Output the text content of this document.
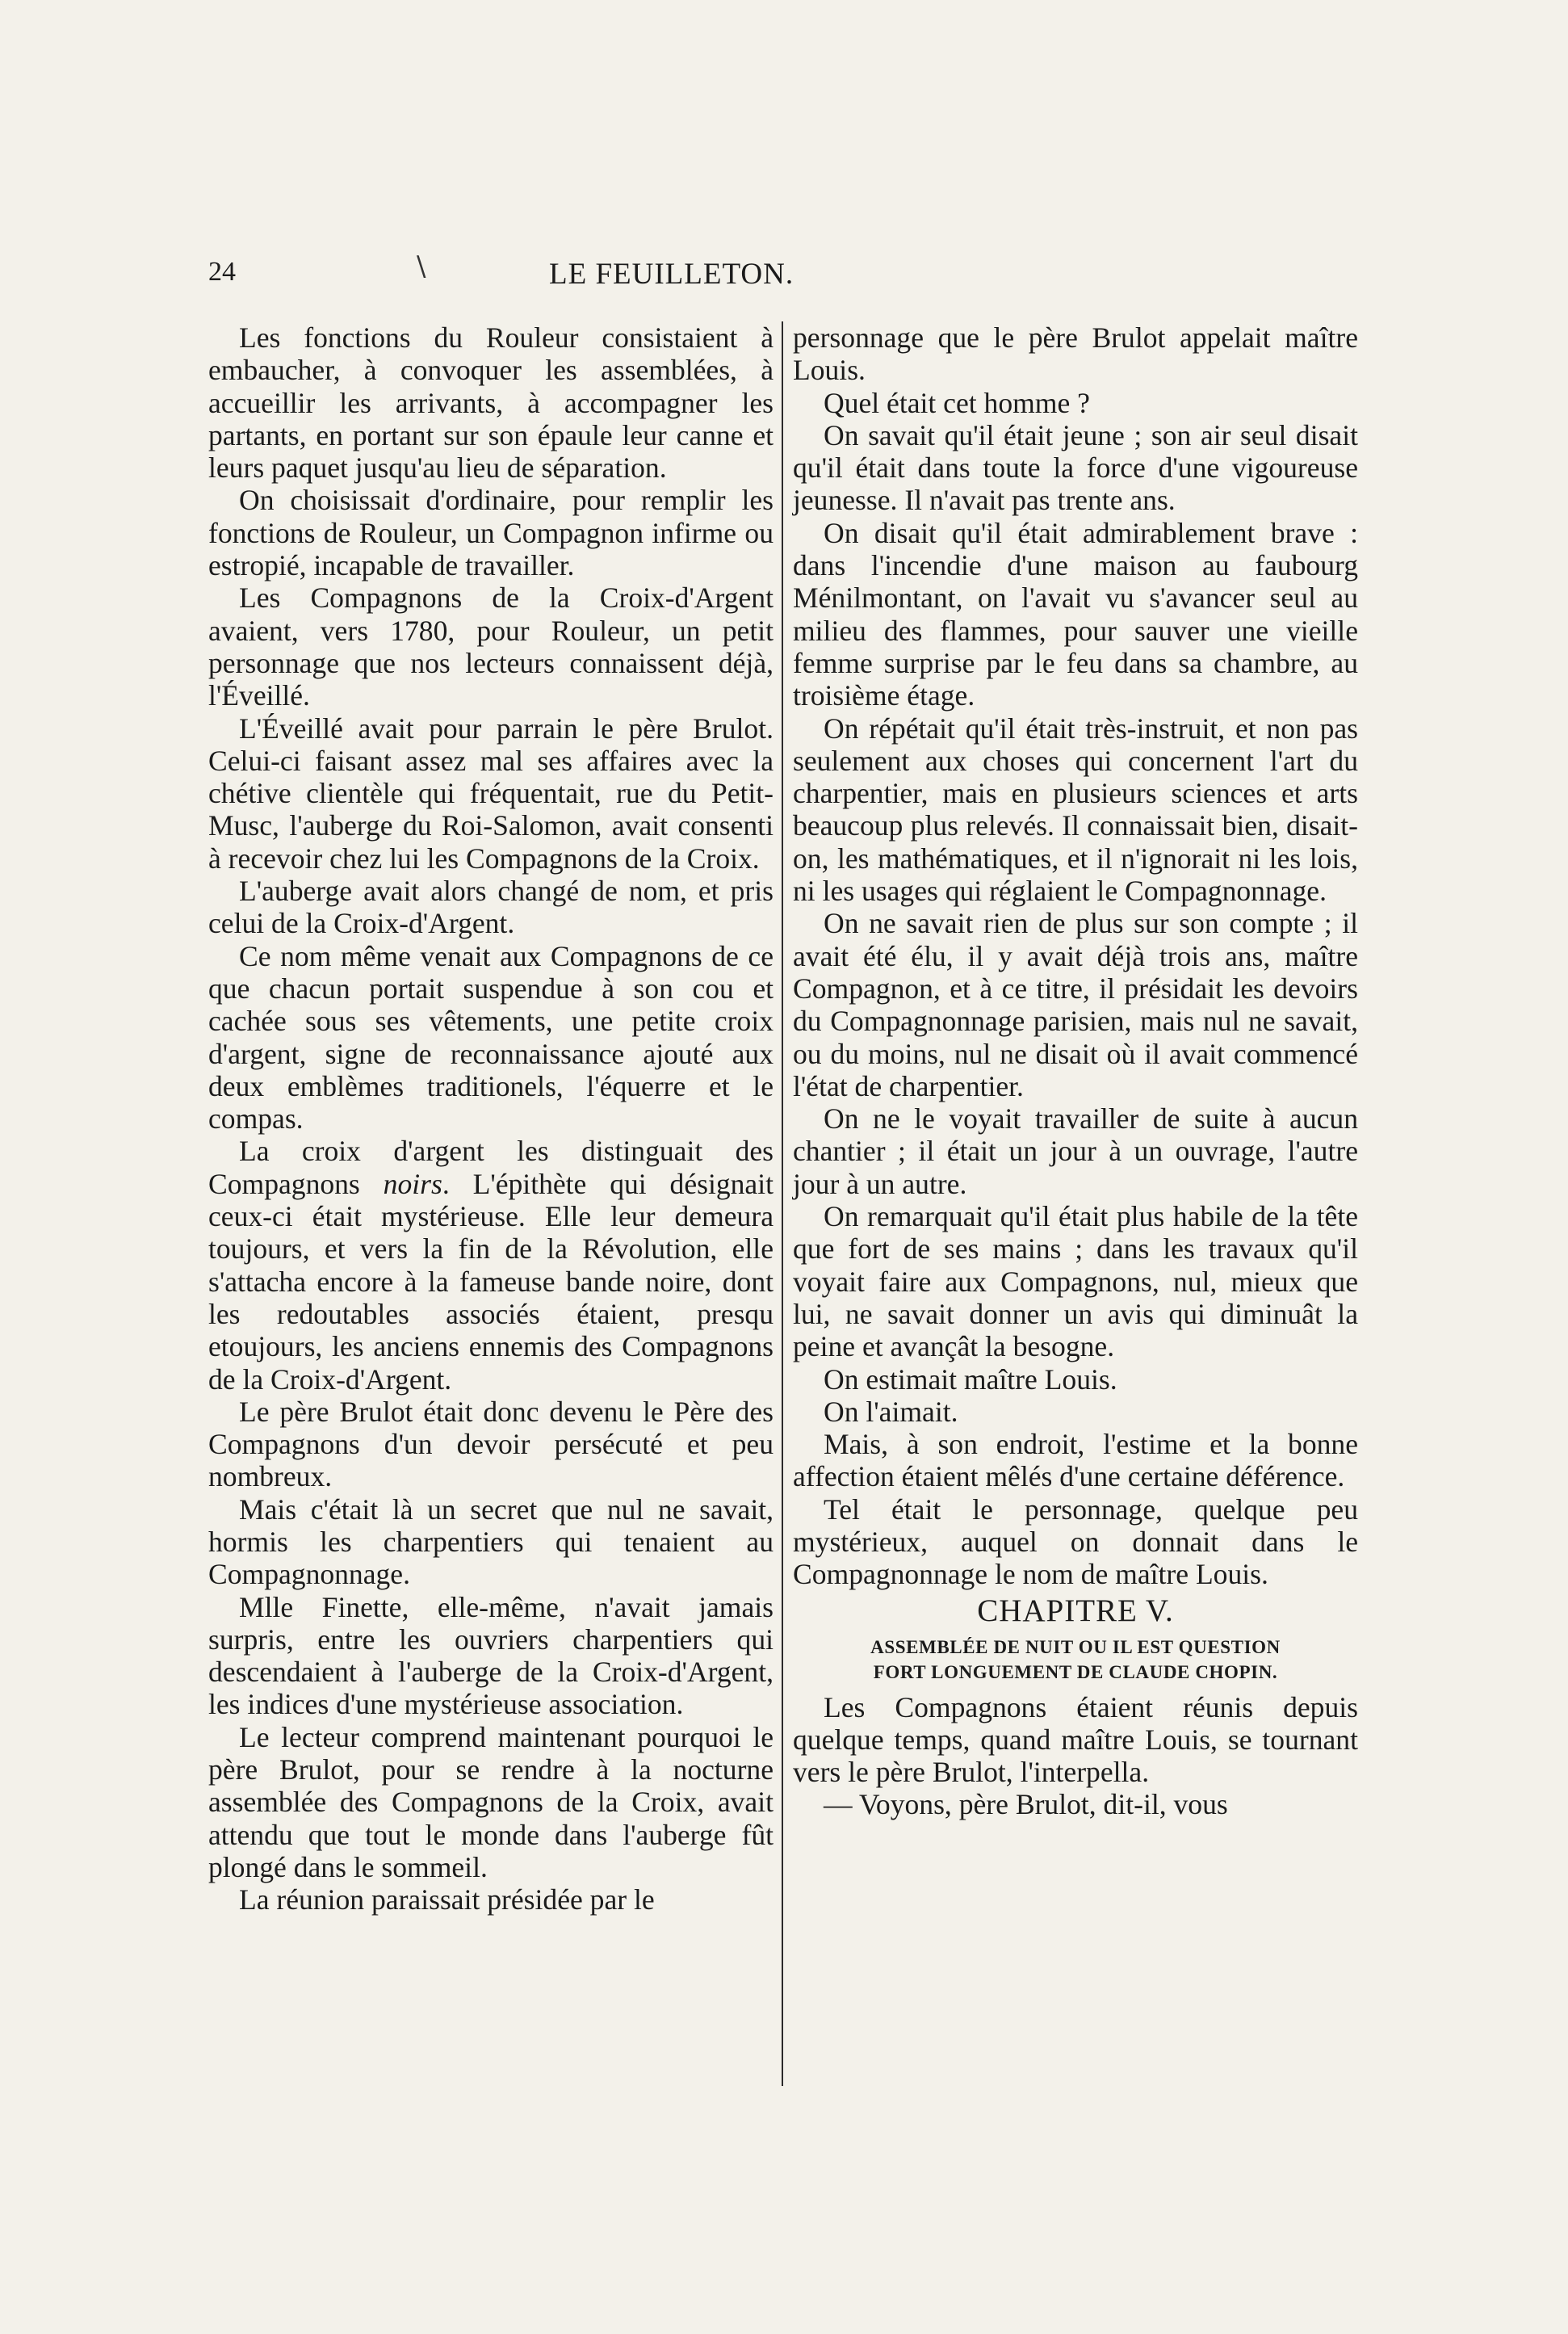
24	\	LE FEUILLETON.

Les fonctions du Rouleur consistaient à embaucher, à convoquer les assemblées, à accueillir les arrivants, à accompagner les partants, en portant sur son épaule leur canne et leurs paquet jusqu'au lieu de séparation.

On choisissait d'ordinaire, pour remplir les fonctions de Rouleur, un Compagnon infirme ou estropié, incapable de travailler.

Les Compagnons de la Croix-d'Argent avaient, vers 1780, pour Rouleur, un petit personnage que nos lecteurs connaissent déjà, l'Éveillé.

L'Éveillé avait pour parrain le père Brulot. Celui-ci faisant assez mal ses affaires avec la chétive clientèle qui fréquentait, rue du Petit-Musc, l'auberge du Roi-Salomon, avait consenti à recevoir chez lui les Compagnons de la Croix.

L'auberge avait alors changé de nom, et pris celui de la Croix-d'Argent.

Ce nom même venait aux Compagnons de ce que chacun portait suspendue à son cou et cachée sous ses vêtements, une petite croix d'argent, signe de reconnaissance ajouté aux deux emblèmes traditionels, l'équerre et le compas.

La croix d'argent les distinguait des Compagnons noirs. L'épithète qui désignait ceux-ci était mystérieuse. Elle leur demeura toujours, et vers la fin de la Révolution, elle s'attacha encore à la fameuse bande noire, dont les redoutables associés étaient, presqu etoujours, les anciens ennemis des Compagnons de la Croix-d'Argent.

Le père Brulot était donc devenu le Père des Compagnons d'un devoir persécuté et peu nombreux.

Mais c'était là un secret que nul ne savait, hormis les charpentiers qui tenaient au Compagnonnage.

Mlle Finette, elle-même, n'avait jamais surpris, entre les ouvriers charpentiers qui descendaient à l'auberge de la Croix-d'Argent, les indices d'une mystérieuse association.

Le lecteur comprend maintenant pourquoi le père Brulot, pour se rendre à la nocturne assemblée des Compagnons de la Croix, avait attendu que tout le monde dans l'auberge fût plongé dans le sommeil.

La réunion paraissait présidée par le

personnage que le père Brulot appelait maître Louis.

Quel était cet homme ?

On savait qu'il était jeune ; son air seul disait qu'il était dans toute la force d'une vigoureuse jeunesse. Il n'avait pas trente ans.

On disait qu'il était admirablement brave : dans l'incendie d'une maison au faubourg Ménilmontant, on l'avait vu s'avancer seul au milieu des flammes, pour sauver une vieille femme surprise par le feu dans sa chambre, au troisième étage.

On répétait qu'il était très-instruit, et non pas seulement aux choses qui concernent l'art du charpentier, mais en plusieurs sciences et arts beaucoup plus relevés. Il connaissait bien, disait-on, les mathématiques, et il n'ignorait ni les lois, ni les usages qui réglaient le Compagnonnage.

On ne savait rien de plus sur son compte ; il avait été élu, il y avait déjà trois ans, maître Compagnon, et à ce titre, il présidait les devoirs du Compagnonnage parisien, mais nul ne savait, ou du moins, nul ne disait où il avait commencé l'état de charpentier.

On ne le voyait travailler de suite à aucun chantier ; il était un jour à un ouvrage, l'autre jour à un autre.

On remarquait qu'il était plus habile de la tête que fort de ses mains ; dans les travaux qu'il voyait faire aux Compagnons, nul, mieux que lui, ne savait donner un avis qui diminuât la peine et avançât la besogne.

On estimait maître Louis.

On l'aimait.

Mais, à son endroit, l'estime et la bonne affection étaient mêlés d'une certaine déférence.

Tel était le personnage, quelque peu mystérieux, auquel on donnait dans le Compagnonnage le nom de maître Louis.

CHAPITRE V.
ASSEMBLÉE DE NUIT OU IL EST QUESTION
FORT LONGUEMENT DE CLAUDE CHOPIN.

Les Compagnons étaient réunis depuis quelque temps, quand maître Louis, se tournant vers le père Brulot, l'interpella.

— Voyons, père Brulot, dit-il, vous
